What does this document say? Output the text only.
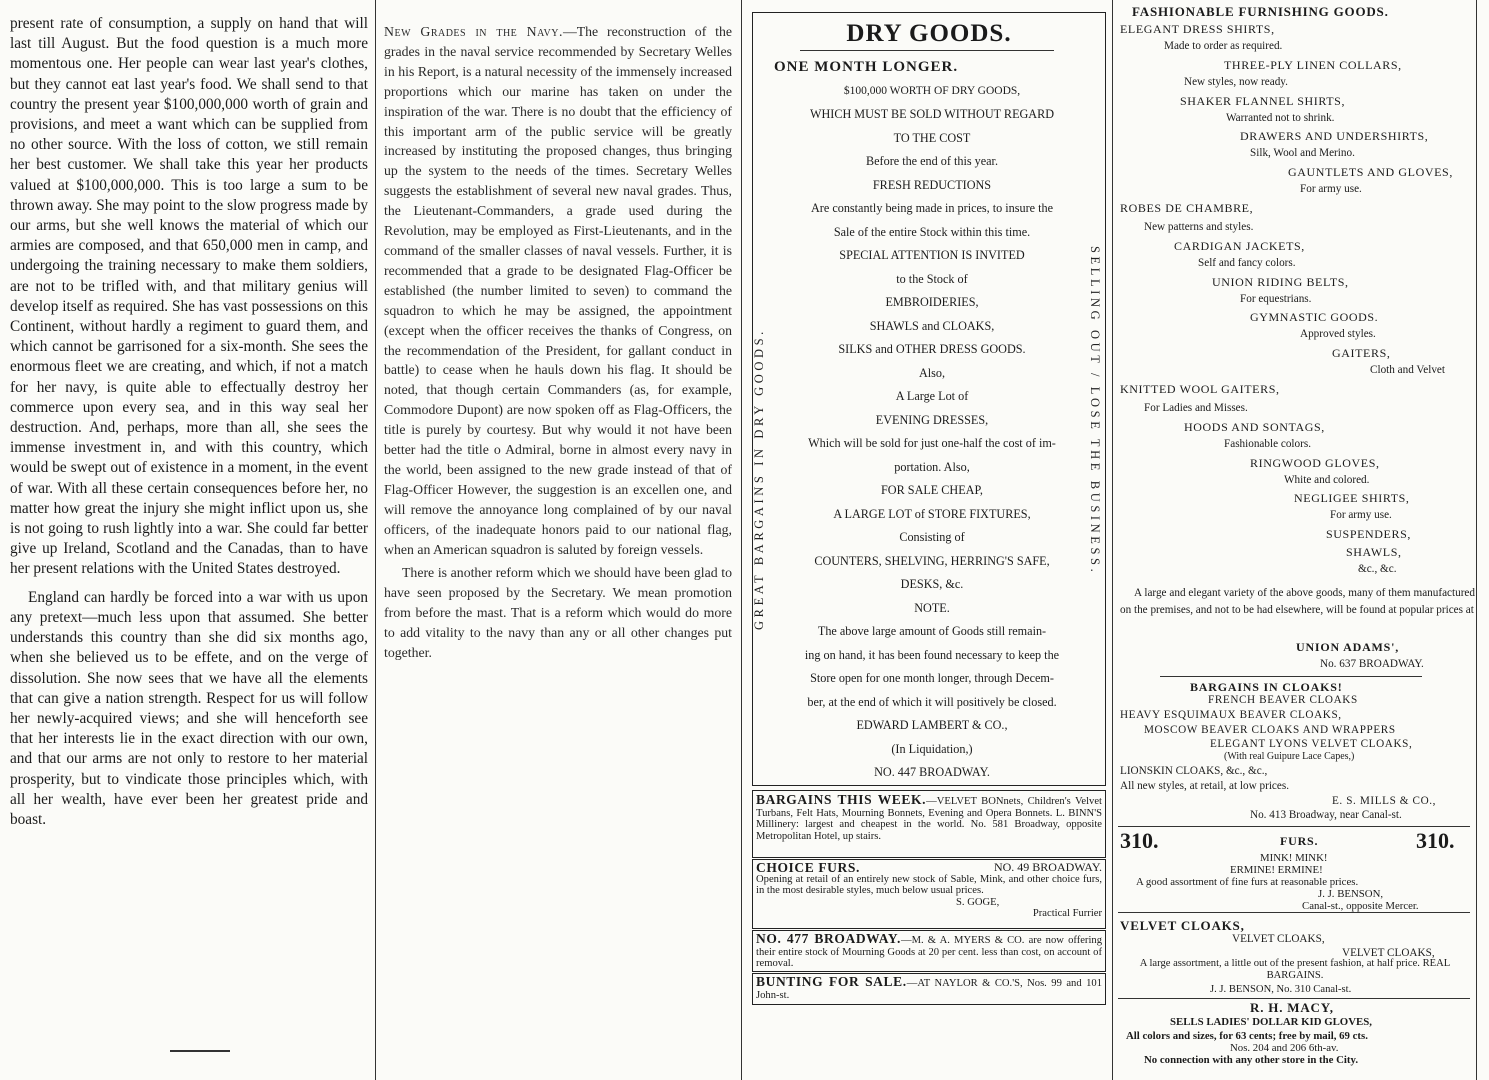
present rate of consumption, a supply on hand that will last till August. But the food question is a much more momentous one. Her people can wear last year's clothes, but they cannot eat last year's food. We shall send to that country the present year $100,000,000 worth of grain and provisions, and meet a want which can be supplied from no other source. With the loss of cotton, we still remain her best customer. We shall take this year her products valued at $100,000,000. This is too large a sum to be thrown away. She may point to the slow progress made by our arms, but she well knows the material of which our armies are composed, and that 650,000 men in camp, and undergoing the training necessary to make them soldiers, are not to be trifled with, and that military genius will develop itself as required. She has vast possessions on this Continent, without hardly a regiment to guard them, and which cannot be garrisoned for a six-month. She sees the enormous fleet we are creating, and which, if not a match for her navy, is quite able to effectually destroy her commerce upon every sea, and in this way seal her destruction. And, perhaps, more than all, she sees the immense investment in, and with this country, which would be swept out of existence in a moment, in the event of war. With all these certain consequences before her, no matter how great the injury she might inflict upon us, she is not going to rush lightly into a war. She could far better give up Ireland, Scotland and the Canadas, than to have her present relations with the United States destroyed.

England can hardly be forced into a war with us upon any pretext—much less upon that assumed. She better understands this country than she did six months ago, when she believed us to be effete, and on the verge of dissolution. She now sees that we have all the elements that can give a nation strength. Respect for us will follow her newly-acquired views; and she will henceforth see that her interests lie in the exact direction with our own, and that our arms are not only to restore to her material prosperity, but to vindicate those principles which, with all her wealth, have ever been her greatest pride and boast.

New Grades in the Navy.—The reconstruction of the grades in the naval service recommended by Secretary Welles in his Report, is a natural necessity of the immensely increased proportions which our marine has taken on under the inspiration of the war. There is no doubt that the efficiency of this important arm of the public service will be greatly increased by instituting the proposed changes, thus bringing up the system to the needs of the times. Secretary Welles suggests the establishment of several new naval grades. Thus, the Lieutenant-Commanders, a grade used during the Revolution, may be employed as First-Lieutenants, and in the command of the smaller classes of naval vessels. Further, it is recommended that a grade to be designated Flag-Officer be established (the number limited to seven) to command the squadron to which he may be assigned, the appointment (except when the officer receives the thanks of Congress, on the recommendation of the President, for gallant conduct in battle) to cease when he hauls down his flag. It should be noted, that though certain Commanders (as, for example, Commodore Dupont) are now spoken off as Flag-Officers, the title is purely by courtesy. But why would it not have been better had the title o Admiral, borne in almost every navy in the world, been assigned to the new grade instead of that of Flag-Officer However, the suggestion is an excellen one, and will remove the annoyance long complained of by our naval officers, of the inadequate honors paid to our national flag, when an American squadron is saluted by foreign vessels.

There is another reform which we should have been glad to have seen proposed by the Secretary. We mean promotion from before the mast. That is a reform which would do more to add vitality to the navy than any or all other changes put together.

DRY GOODS.
ONE MONTH LONGER.
$100,000 WORTH OF DRY GOODS,
WHICH MUST BE SOLD WITHOUT REGARD
TO THE COST
Before the end of this year.
FRESH REDUCTIONS
Are constantly being made in prices, to insure the
Sale of the entire Stock within this time.
SPECIAL ATTENTION IS INVITED
to the Stock of
EMBROIDERIES,
SHAWLS and CLOAKS,
SILKS and OTHER DRESS GOODS.
Also,
A Large Lot of
EVENING DRESSES,
Which will be sold for just one-half the cost of im-
portation. Also,
FOR SALE CHEAP,
A LARGE LOT of STORE FIXTURES,
Consisting of
COUNTERS, SHELVING, HERRING'S SAFE,
DESKS, &c.
NOTE.
The above large amount of Goods still remain-
ing on hand, it has been found necessary to keep the
Store open for one month longer, through Decem-
ber, at the end of which it will positively be closed.
EDWARD LAMBERT & CO.,
(In Liquidation,)
NO. 447 BROADWAY.
GREAT BARGAINS IN DRY GOODS.	SELLING OUT / LOSE THE BUSINESS.
BARGAINS THIS WEEK.—VELVET BONnets, Children's Velvet Turbans, Felt Hats, Mourning Bonnets, Evening and Opera Bonnets. L. BINN'S Millinery: largest and cheapest in the world. No. 581 Broadway, opposite Metropolitan Hotel, up stairs.
CHOICE FURS.	NO. 49 BROADWAY.
Opening at retail of an entirely new stock of Sable, Mink, and other choice furs, in the most desirable styles, much below usual prices.
S. GOGE,
Practical Furrier
NO. 477 BROADWAY.—M. & A. MYERS & CO. are now offering their entire stock of Mourning Goods at 20 per cent. less than cost, on account of removal.
BUNTING FOR SALE.—AT NAYLOR & CO.'S, Nos. 99 and 101 John-st.
FASHIONABLE FURNISHING GOODS.
ELEGANT DRESS SHIRTS,
Made to order as required.
THREE-PLY LINEN COLLARS,
New styles, now ready.
SHAKER FLANNEL SHIRTS,
Warranted not to shrink.
DRAWERS AND UNDERSHIRTS,
Silk, Wool and Merino.
GAUNTLETS AND GLOVES,
For army use.
ROBES DE CHAMBRE,
New patterns and styles.
CARDIGAN JACKETS,
Self and fancy colors.
UNION RIDING BELTS,
For equestrians.
GYMNASTIC GOODS.
Approved styles.
GAITERS,
Cloth and Velvet
KNITTED WOOL GAITERS,
For Ladies and Misses.
HOODS AND SONTAGS,
Fashionable colors.
RINGWOOD GLOVES,
White and colored.
NEGLIGEE SHIRTS,
For army use.
SUSPENDERS,
SHAWLS,
&c., &c.
A large and elegant variety of the above goods, many of them manufactured on the premises, and not to be had elsewhere, will be found at popular prices at
UNION ADAMS',
No. 637 BROADWAY.
BARGAINS IN CLOAKS!
FRENCH BEAVER CLOAKS
HEAVY ESQUIMAUX BEAVER CLOAKS,
MOSCOW BEAVER CLOAKS AND WRAPPERS
ELEGANT LYONS VELVET CLOAKS,
(With real Guipure Lace Capes,)
LIONSKIN CLOAKS, &c., &c.,
All new styles, at retail, at low prices.
E. S. MILLS & CO.,
No. 413 Broadway, near Canal-st.
310.	FURS.	310.
MINK! MINK!
ERMINE! ERMINE!
A good assortment of fine furs at reasonable prices.
J. J. BENSON,
Canal-st., opposite Mercer.
VELVET CLOAKS,
VELVET CLOAKS,
VELVET CLOAKS,
A large assortment, a little out of the present fashion, at half price. REAL BARGAINS.
J. J. BENSON, No. 310 Canal-st.
R. H. MACY,
SELLS LADIES' DOLLAR KID GLOVES,
All colors and sizes, for 63 cents; free by mail, 69 cts.
Nos. 204 and 206 6th-av.
No connection with any other store in the City.
